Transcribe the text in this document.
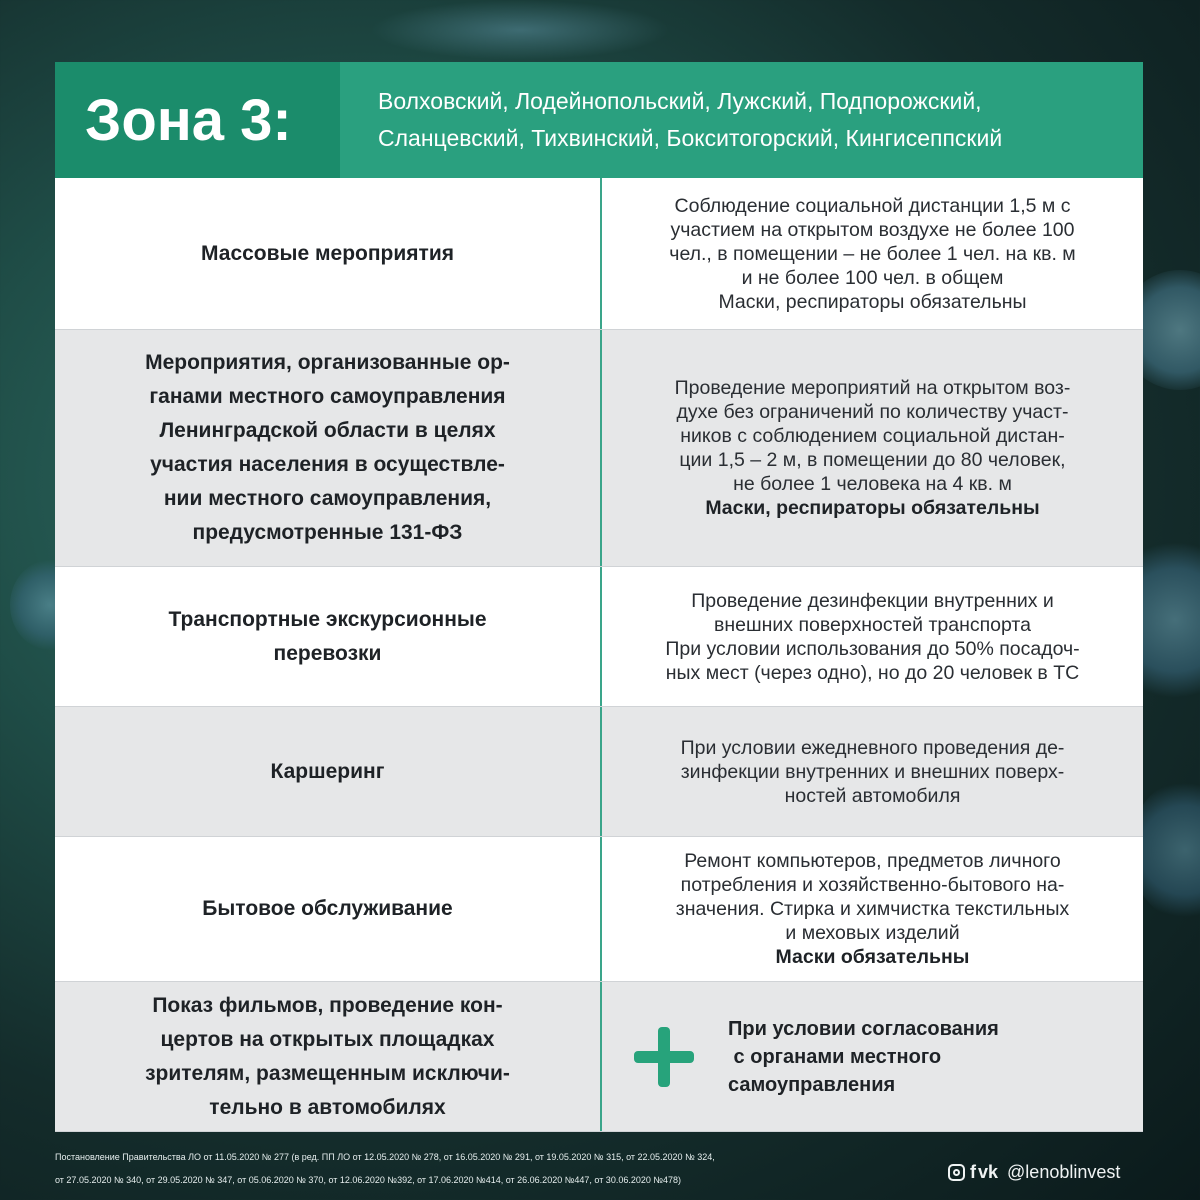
Зона 3:	Волховский, Лодейнопольский, Лужский, Подпорожский,
Сланцевский, Тихвинский, Бокситогорский, Кингисеппский
Массовые мероприятия
Соблюдение социальной дистанции 1,5 м с
участием на открытом воздухе не более 100
чел., в помещении – не более 1 чел. на кв. м
и не более 100 чел. в общем
Маски, респираторы обязательны
Мероприятия, организованные ор-
ганами местного самоуправления
Ленинградской области в целях
участия населения в осуществле-
нии местного самоуправления,
предусмотренные 131-ФЗ
Проведение мероприятий на открытом воз-
духе без ограничений по количеству участ-
ников с соблюдением социальной дистан-
ции 1,5 – 2 м, в помещении до 80 человек,
не более 1 человека на 4 кв. м
Маски, респираторы обязательны
Транспортные экскурсионные
перевозки
Проведение дезинфекции внутренних и
внешних поверхностей транспорта
При условии использования до 50% посадоч-
ных мест (через одно), но до 20 человек в ТС
Каршеринг
При условии ежедневного проведения де-
зинфекции внутренних и внешних поверх-
ностей автомобиля
Бытовое обслуживание
Ремонт компьютеров, предметов личного
потребления и хозяйственно-бытового на-
значения. Стирка и химчистка текстильных
и меховых изделий
Маски обязательны
Показ фильмов, проведение кон-
цертов на открытых площадках
зрителям, размещенным исключи-
тельно в автомобилях
При условии согласования
с органами местного
самоуправления
Постановление Правительства ЛО от 11.05.2020 № 277 (в ред. ПП ЛО от 12.05.2020 № 278, от 16.05.2020 № 291, от 19.05.2020 № 315, от 22.05.2020 № 324,
от 27.05.2020 № 340, от 29.05.2020 № 347, от 05.06.2020 № 370, от 12.06.2020 №392, от 17.06.2020 №414, от 26.06.2020 №447, от 30.06.2020 №478)	f vk @lenoblinvest
